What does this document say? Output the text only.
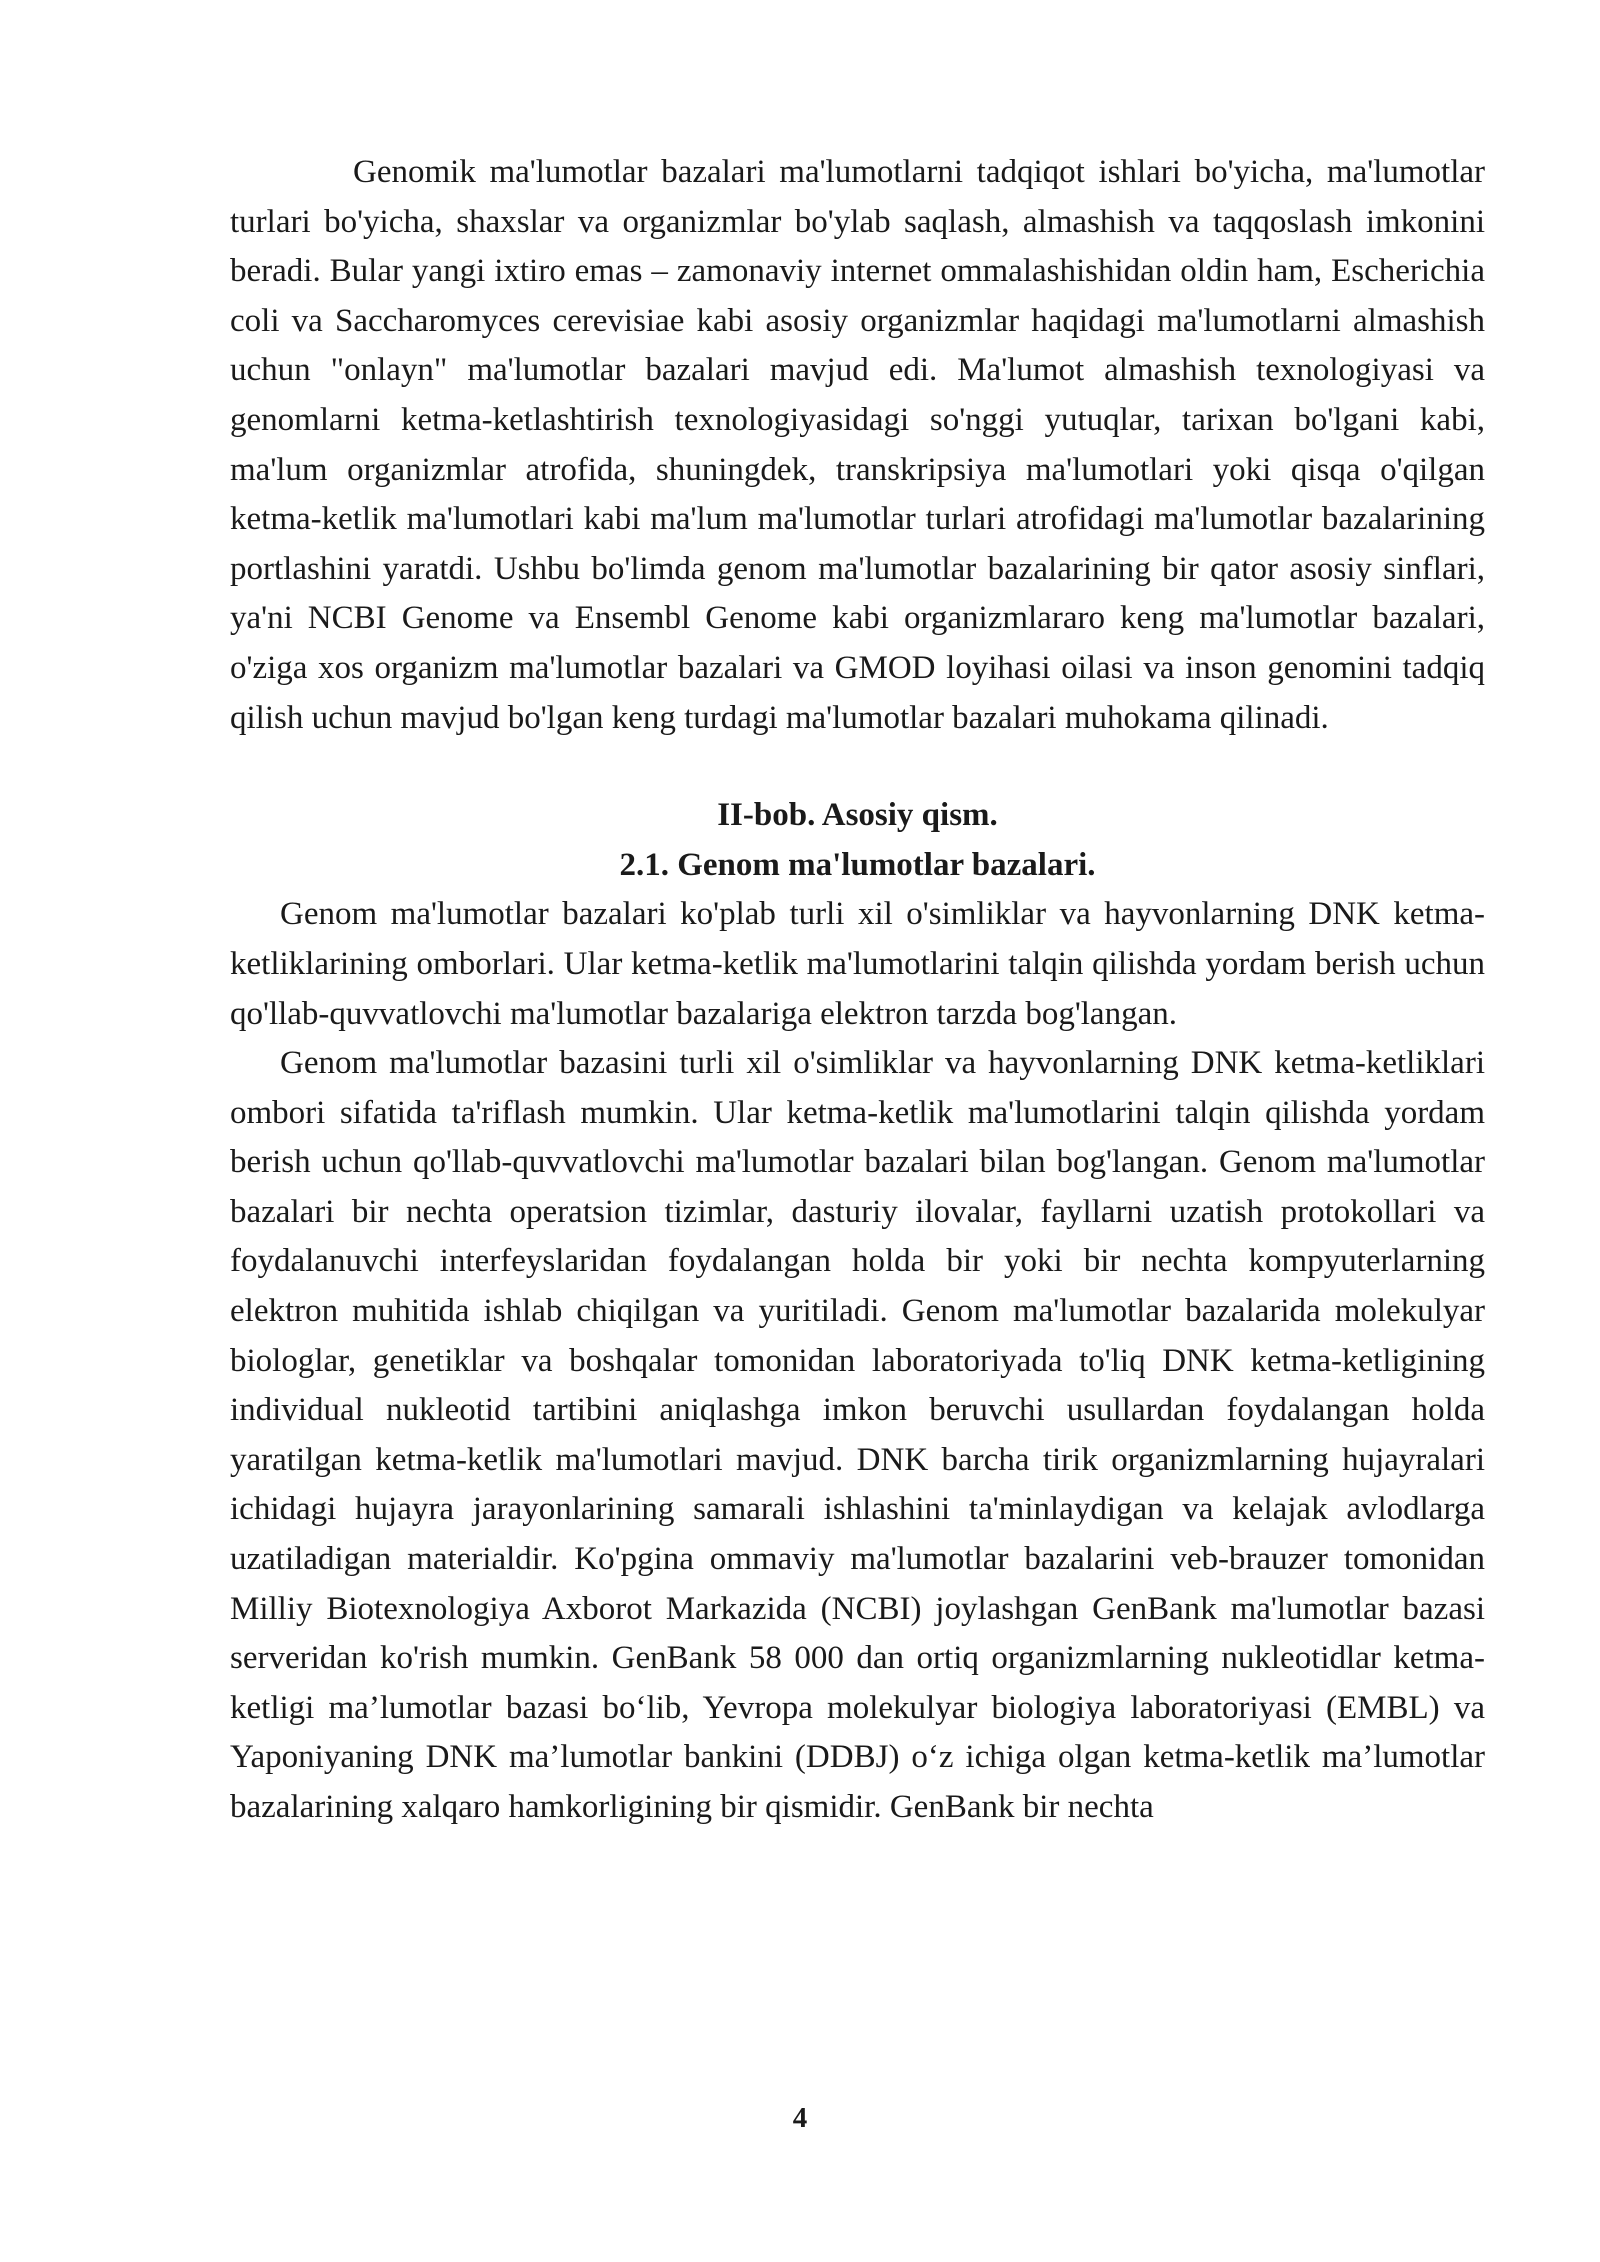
Genomik ma'lumotlar bazalari ma'lumotlarni tadqiqot ishlari bo'yicha, ma'lumotlar turlari bo'yicha, shaxslar va organizmlar bo'ylab saqlash, almashish va taqqoslash imkonini beradi. Bular yangi ixtiro emas – zamonaviy internet ommalashishidan oldin ham, Escherichia coli va Saccharomyces cerevisiae kabi asosiy organizmlar haqidagi ma'lumotlarni almashish uchun "onlayn" ma'lumotlar bazalari mavjud edi. Ma'lumot almashish texnologiyasi va genomlarni ketma-ketlashtirish texnologiyasidagi so'nggi yutuqlar, tarixan bo'lgani kabi, ma'lum organizmlar atrofida, shuningdek, transkripsiya ma'lumotlari yoki qisqa o'qilgan ketma-ketlik ma'lumotlari kabi ma'lum ma'lumotlar turlari atrofidagi ma'lumotlar bazalarining portlashini yaratdi. Ushbu bo'limda genom ma'lumotlar bazalarining bir qator asosiy sinflari, ya'ni NCBI Genome va Ensembl Genome kabi organizmlararo keng ma'lumotlar bazalari, o'ziga xos organizm ma'lumotlar bazalari va GMOD loyihasi oilasi va inson genomini tadqiq qilish uchun mavjud bo'lgan keng turdagi ma'lumotlar bazalari muhokama qilinadi.

II-bob. Asosiy qism.
2.1. Genom ma'lumotlar bazalari.

Genom ma'lumotlar bazalari ko'plab turli xil o'simliklar va hayvonlarning DNK ketma-ketliklarining omborlari. Ular ketma-ketlik ma'lumotlarini talqin qilishda yordam berish uchun qo'llab-quvvatlovchi ma'lumotlar bazalariga elektron tarzda bog'langan.

Genom ma'lumotlar bazasini turli xil o'simliklar va hayvonlarning DNK ketma-ketliklari ombori sifatida ta'riflash mumkin. Ular ketma-ketlik ma'lumotlarini talqin qilishda yordam berish uchun qo'llab-quvvatlovchi ma'lumotlar bazalari bilan bog'langan. Genom ma'lumotlar bazalari bir nechta operatsion tizimlar, dasturiy ilovalar, fayllarni uzatish protokollari va foydalanuvchi interfeyslaridan foydalangan holda bir yoki bir nechta kompyuterlarning elektron muhitida ishlab chiqilgan va yuritiladi. Genom ma'lumotlar bazalarida molekulyar biologlar, genetiklar va boshqalar tomonidan laboratoriyada to'liq DNK ketma-ketligining individual nukleotid tartibini aniqlashga imkon beruvchi usullardan foydalangan holda yaratilgan ketma-ketlik ma'lumotlari mavjud. DNK barcha tirik organizmlarning hujayralari ichidagi hujayra jarayonlarining samarali ishlashini ta'minlaydigan va kelajak avlodlarga uzatiladigan materialdir. Ko'pgina ommaviy ma'lumotlar bazalarini veb-brauzer tomonidan Milliy Biotexnologiya Axborot Markazida (NCBI) joylashgan GenBank ma'lumotlar bazasi serveridan ko'rish mumkin. GenBank 58 000 dan ortiq organizmlarning nukleotidlar ketma-ketligi ma’lumotlar bazasi bo‘lib, Yevropa molekulyar biologiya laboratoriyasi (EMBL) va Yaponiyaning DNK ma’lumotlar bankini (DDBJ) o‘z ichiga olgan ketma-ketlik ma’lumotlar bazalarining xalqaro hamkorligining bir qismidir. GenBank bir nechta

4
